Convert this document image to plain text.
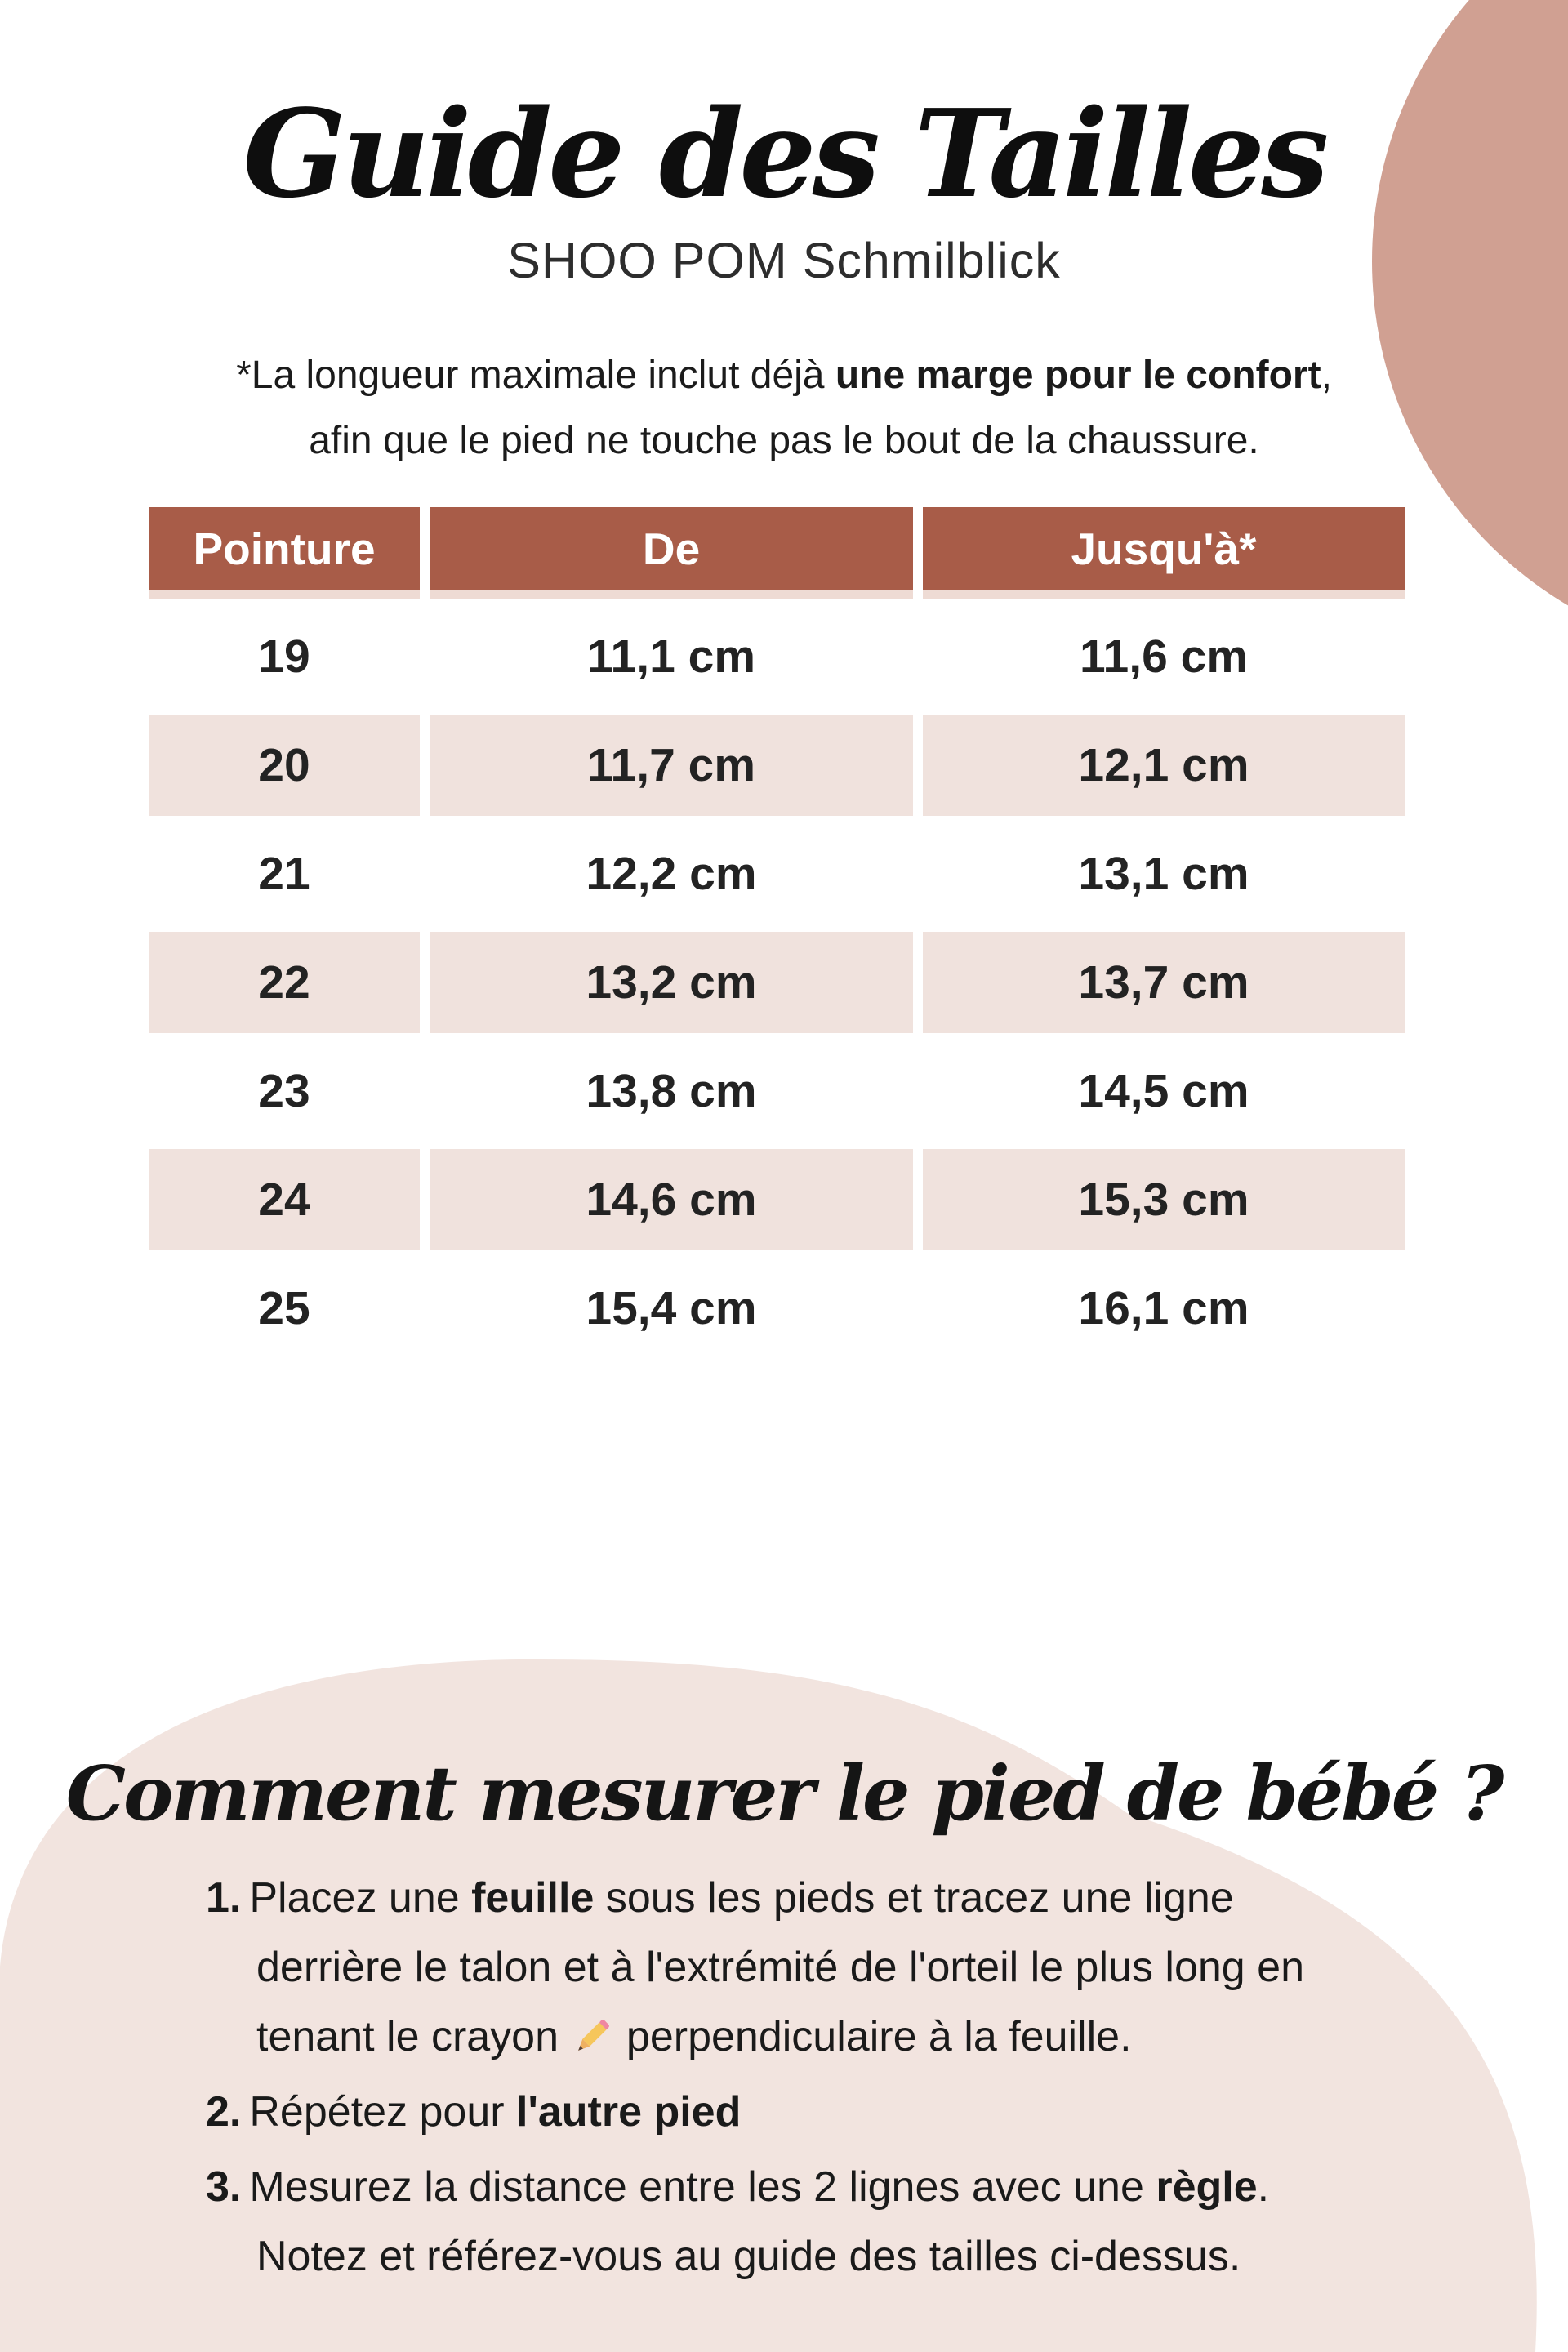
Guide des Tailles
SHOO POM Schmilblick
*La longueur maximale inclut déjà une marge pour le confort,
afin que le pied ne touche pas le bout de la chaussure.
Pointure	De	Jusqu'à*
19	11,1 cm	11,6 cm
20	11,7 cm	12,1 cm
21	12,2 cm	13,1 cm
22	13,2 cm	13,7 cm
23	13,8 cm	14,5 cm
24	14,6 cm	15,3 cm
25	15,4 cm	16,1 cm
Comment mesurer le pied de bébé ?
1. Placez une feuille sous les pieds et tracez une ligne
derrière le talon et à l'extrémité de l'orteil le plus long en
tenant le crayon  perpendiculaire à la feuille.
2. Répétez pour l'autre pied
3. Mesurez la distance entre les 2 lignes avec une règle.
Notez et référez-vous au guide des tailles ci-dessus.
